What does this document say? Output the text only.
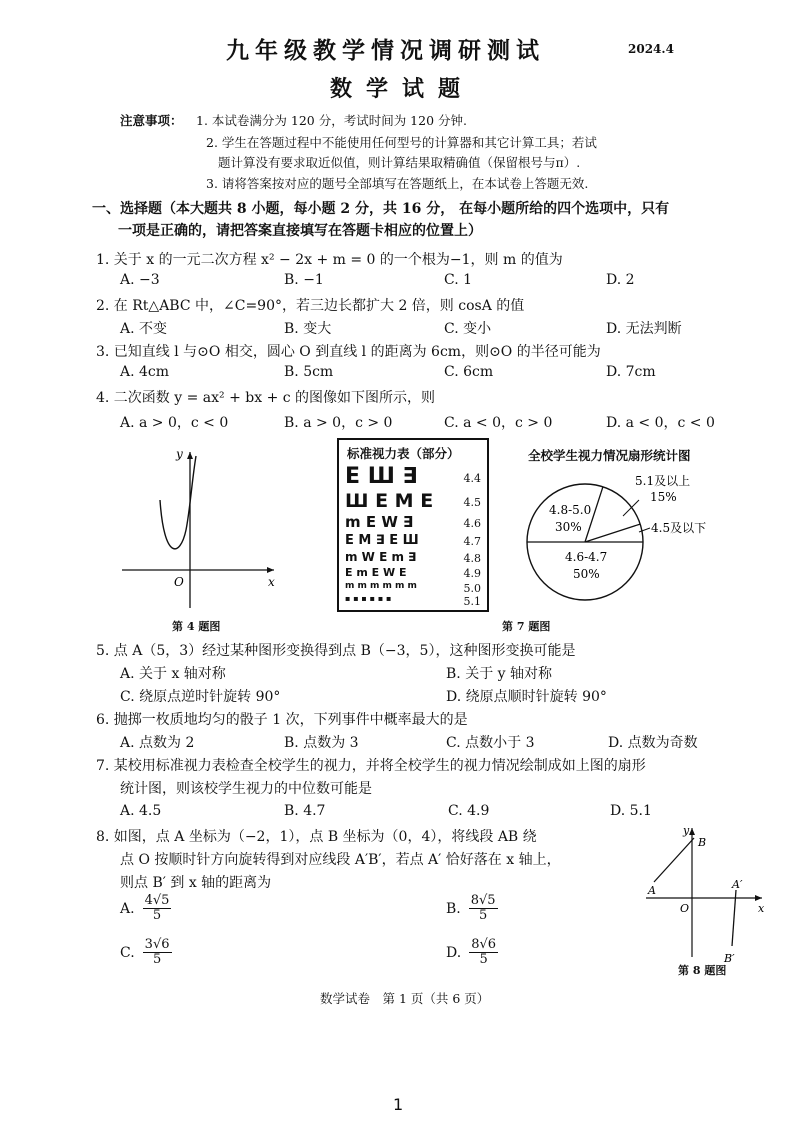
九年级教学情况调研测试	2024.4
数学试题
注意事项： 1. 本试卷满分为 120 分，考试时间为 120 分钟.
2. 学生在答题过程中不能使用任何型号的计算器和其它计算工具；若试
题计算没有要求取近似值，则计算结果取精确值（保留根号与π）.
3. 请将答案按对应的题号全部填写在答题纸上，在本试卷上答题无效.
一、选择题（本大题共 8 小题，每小题 2 分，共 16 分， 在每小题所给的四个选项中，只有
一项是正确的，请把答案直接填写在答题卡相应的位置上）
1. 关于 x 的一元二次方程 x² − 2x + m = 0 的一个根为−1，则 m 的值为
A. −3	B. −1	C. 1	D. 2
2. 在 Rt△ABC 中，∠C=90°，若三边长都扩大 2 倍，则 cosA 的值
A. 不变	B. 变大	C. 变小	D. 无法判断
3. 已知直线 l 与⊙O 相交，圆心 O 到直线 l 的距离为 6cm，则⊙O 的半径可能为
A. 4cm	B. 5cm	C. 6cm	D. 7cm
4. 二次函数 y = ax² + bx + c 的图像如下图所示，则
A. a > 0，c < 0	B. a > 0，c > 0	C. a < 0，c > 0	D. a < 0，c < 0
y
x
O
第 4 题图
标准视力表（部分）
E Ш ∃	4.4
Ш E M E	4.5
m E W ∃	4.6
E M ∃ E Ш	4.7
m W E m ∃	4.8
E m E W E	4.9
m m m m m m	5.0
▪ ▪ ▪ ▪ ▪ ▪	5.1
全校学生视力情况扇形统计图
5.1及以上
15%
4.8-5.0
30%
4.6-4.7
50%
4.5及以下
第 7 题图
5. 点 A（5，3）经过某种图形变换得到点 B（−3，5），这种图形变换可能是
A. 关于 x 轴对称	B. 关于 y 轴对称
C. 绕原点逆时针旋转 90°	D. 绕原点顺时针旋转 90°
6. 抛掷一枚质地均匀的骰子 1 次，下列事件中概率最大的是
A. 点数为 2	B. 点数为 3	C. 点数小于 3	D. 点数为奇数
7. 某校用标准视力表检查全校学生的视力，并将全校学生的视力情况绘制成如上图的扇形
统计图，则该校学生视力的中位数可能是
A. 4.5	B. 4.7	C. 4.9	D. 5.1
8. 如图，点 A 坐标为（−2，1），点 B 坐标为（0，4），将线段 AB 绕
点 O 按顺时针方向旋转得到对应线段 A′B′，若点 A′ 恰好落在 x 轴上，
则点 B′ 到 x 轴的距离为
A. $\frac{4√5}{5}$	B. $\frac{8√5}{5}$
C. $\frac{3√6}{5}$	D. $\frac{8√6}{5}$
y
x
B
A
O
A′
B′
第 8 题图
数学试卷　第 1 页（共 6 页）
1
